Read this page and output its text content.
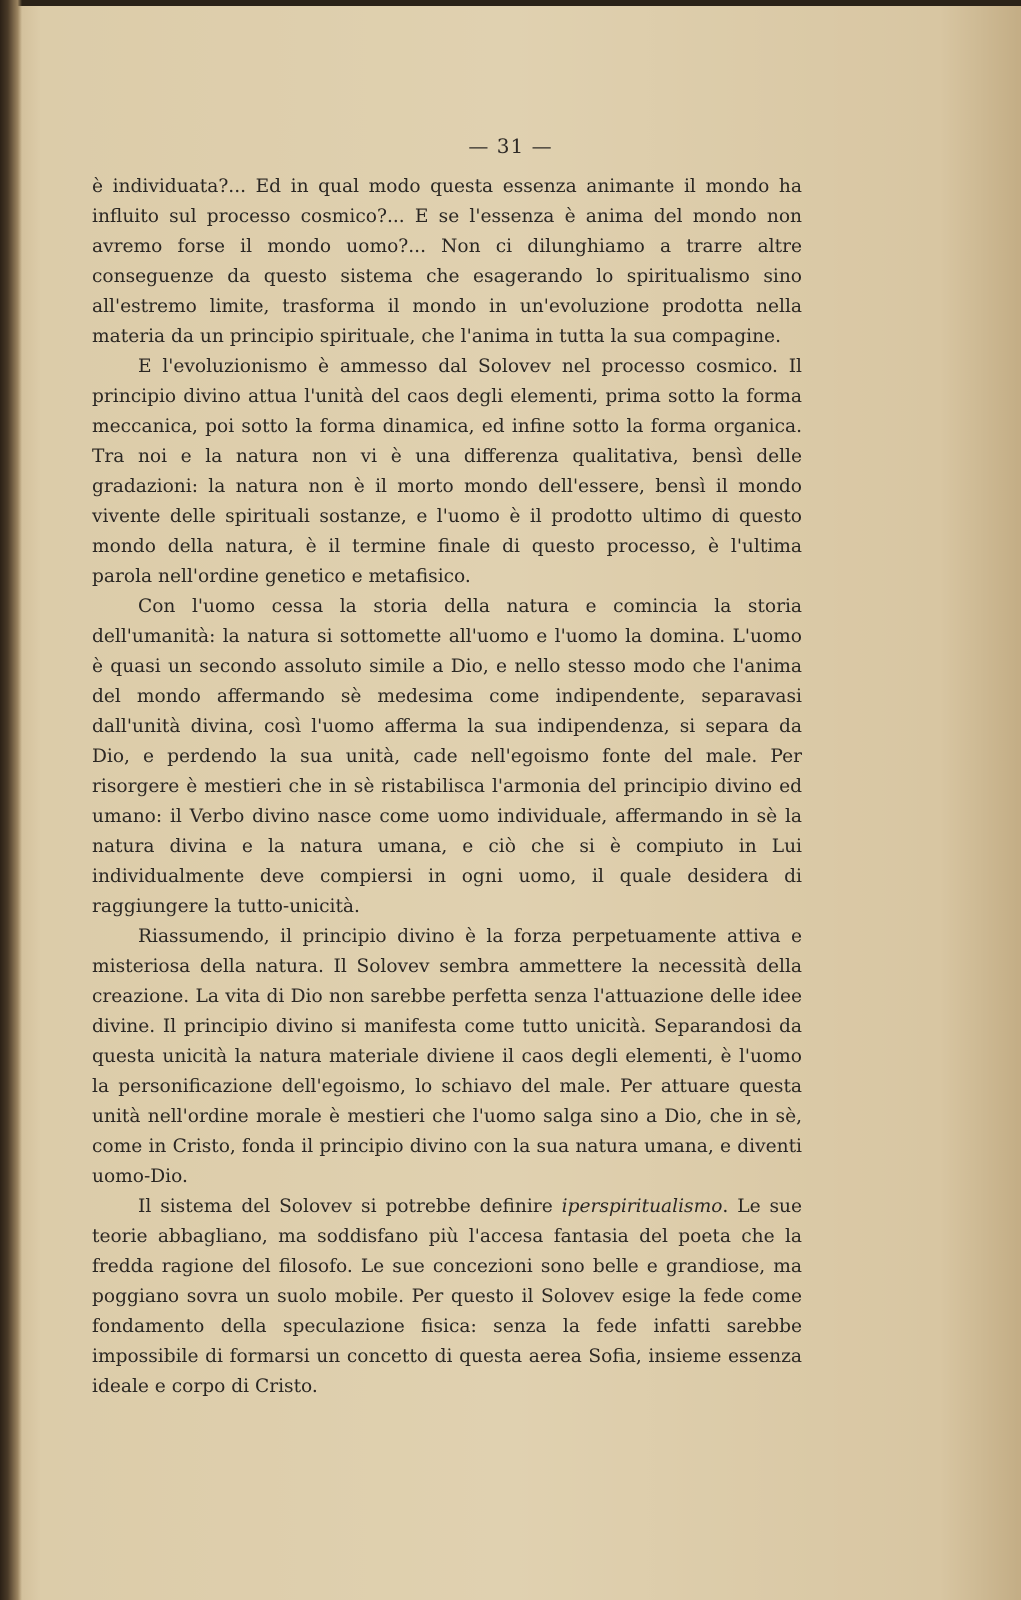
— 31 —

è individuata?... Ed in qual modo questa essenza animante il mondo ha influito sul processo cosmico?... E se l'essenza è anima del mondo non avremo forse il mondo uomo?... Non ci dilunghiamo a trarre altre conseguenze da questo sistema che esagerando lo spiritualismo sino all'estremo limite, trasforma il mondo in un'evoluzione prodotta nella materia da un principio spirituale, che l'anima in tutta la sua compagine.

E l'evoluzionismo è ammesso dal Solovev nel processo cosmico. Il principio divino attua l'unità del caos degli elementi, prima sotto la forma meccanica, poi sotto la forma dinamica, ed infine sotto la forma organica. Tra noi e la natura non vi è una differenza qualitativa, bensì delle gradazioni: la natura non è il morto mondo dell'essere, bensì il mondo vivente delle spirituali sostanze, e l'uomo è il prodotto ultimo di questo mondo della natura, è il termine finale di questo processo, è l'ultima parola nell'ordine genetico e metafisico.

Con l'uomo cessa la storia della natura e comincia la storia dell'umanità: la natura si sottomette all'uomo e l'uomo la domina. L'uomo è quasi un secondo assoluto simile a Dio, e nello stesso modo che l'anima del mondo affermando sè medesima come indipendente, separavasi dall'unità divina, così l'uomo afferma la sua indipendenza, si separa da Dio, e perdendo la sua unità, cade nell'egoismo fonte del male. Per risorgere è mestieri che in sè ristabilisca l'armonia del principio divino ed umano: il Verbo divino nasce come uomo individuale, affermando in sè la natura divina e la natura umana, e ciò che si è compiuto in Lui individualmente deve compiersi in ogni uomo, il quale desidera di raggiungere la tutto-unicità.

Riassumendo, il principio divino è la forza perpetuamente attiva e misteriosa della natura. Il Solovev sembra ammettere la necessità della creazione. La vita di Dio non sarebbe perfetta senza l'attuazione delle idee divine. Il principio divino si manifesta come tutto unicità. Separandosi da questa unicità la natura materiale diviene il caos degli elementi, è l'uomo la personificazione dell'egoismo, lo schiavo del male. Per attuare questa unità nell'ordine morale è mestieri che l'uomo salga sino a Dio, che in sè, come in Cristo, fonda il principio divino con la sua natura umana, e diventi uomo-Dio.

Il sistema del Solovev si potrebbe definire iperspiritualismo. Le sue teorie abbagliano, ma soddisfano più l'accesa fantasia del poeta che la fredda ragione del filosofo. Le sue concezioni sono belle e grandiose, ma poggiano sovra un suolo mobile. Per questo il Solovev esige la fede come fondamento della speculazione fisica: senza la fede infatti sarebbe impossibile di formarsi un concetto di questa aerea Sofia, insieme essenza ideale e corpo di Cristo.
